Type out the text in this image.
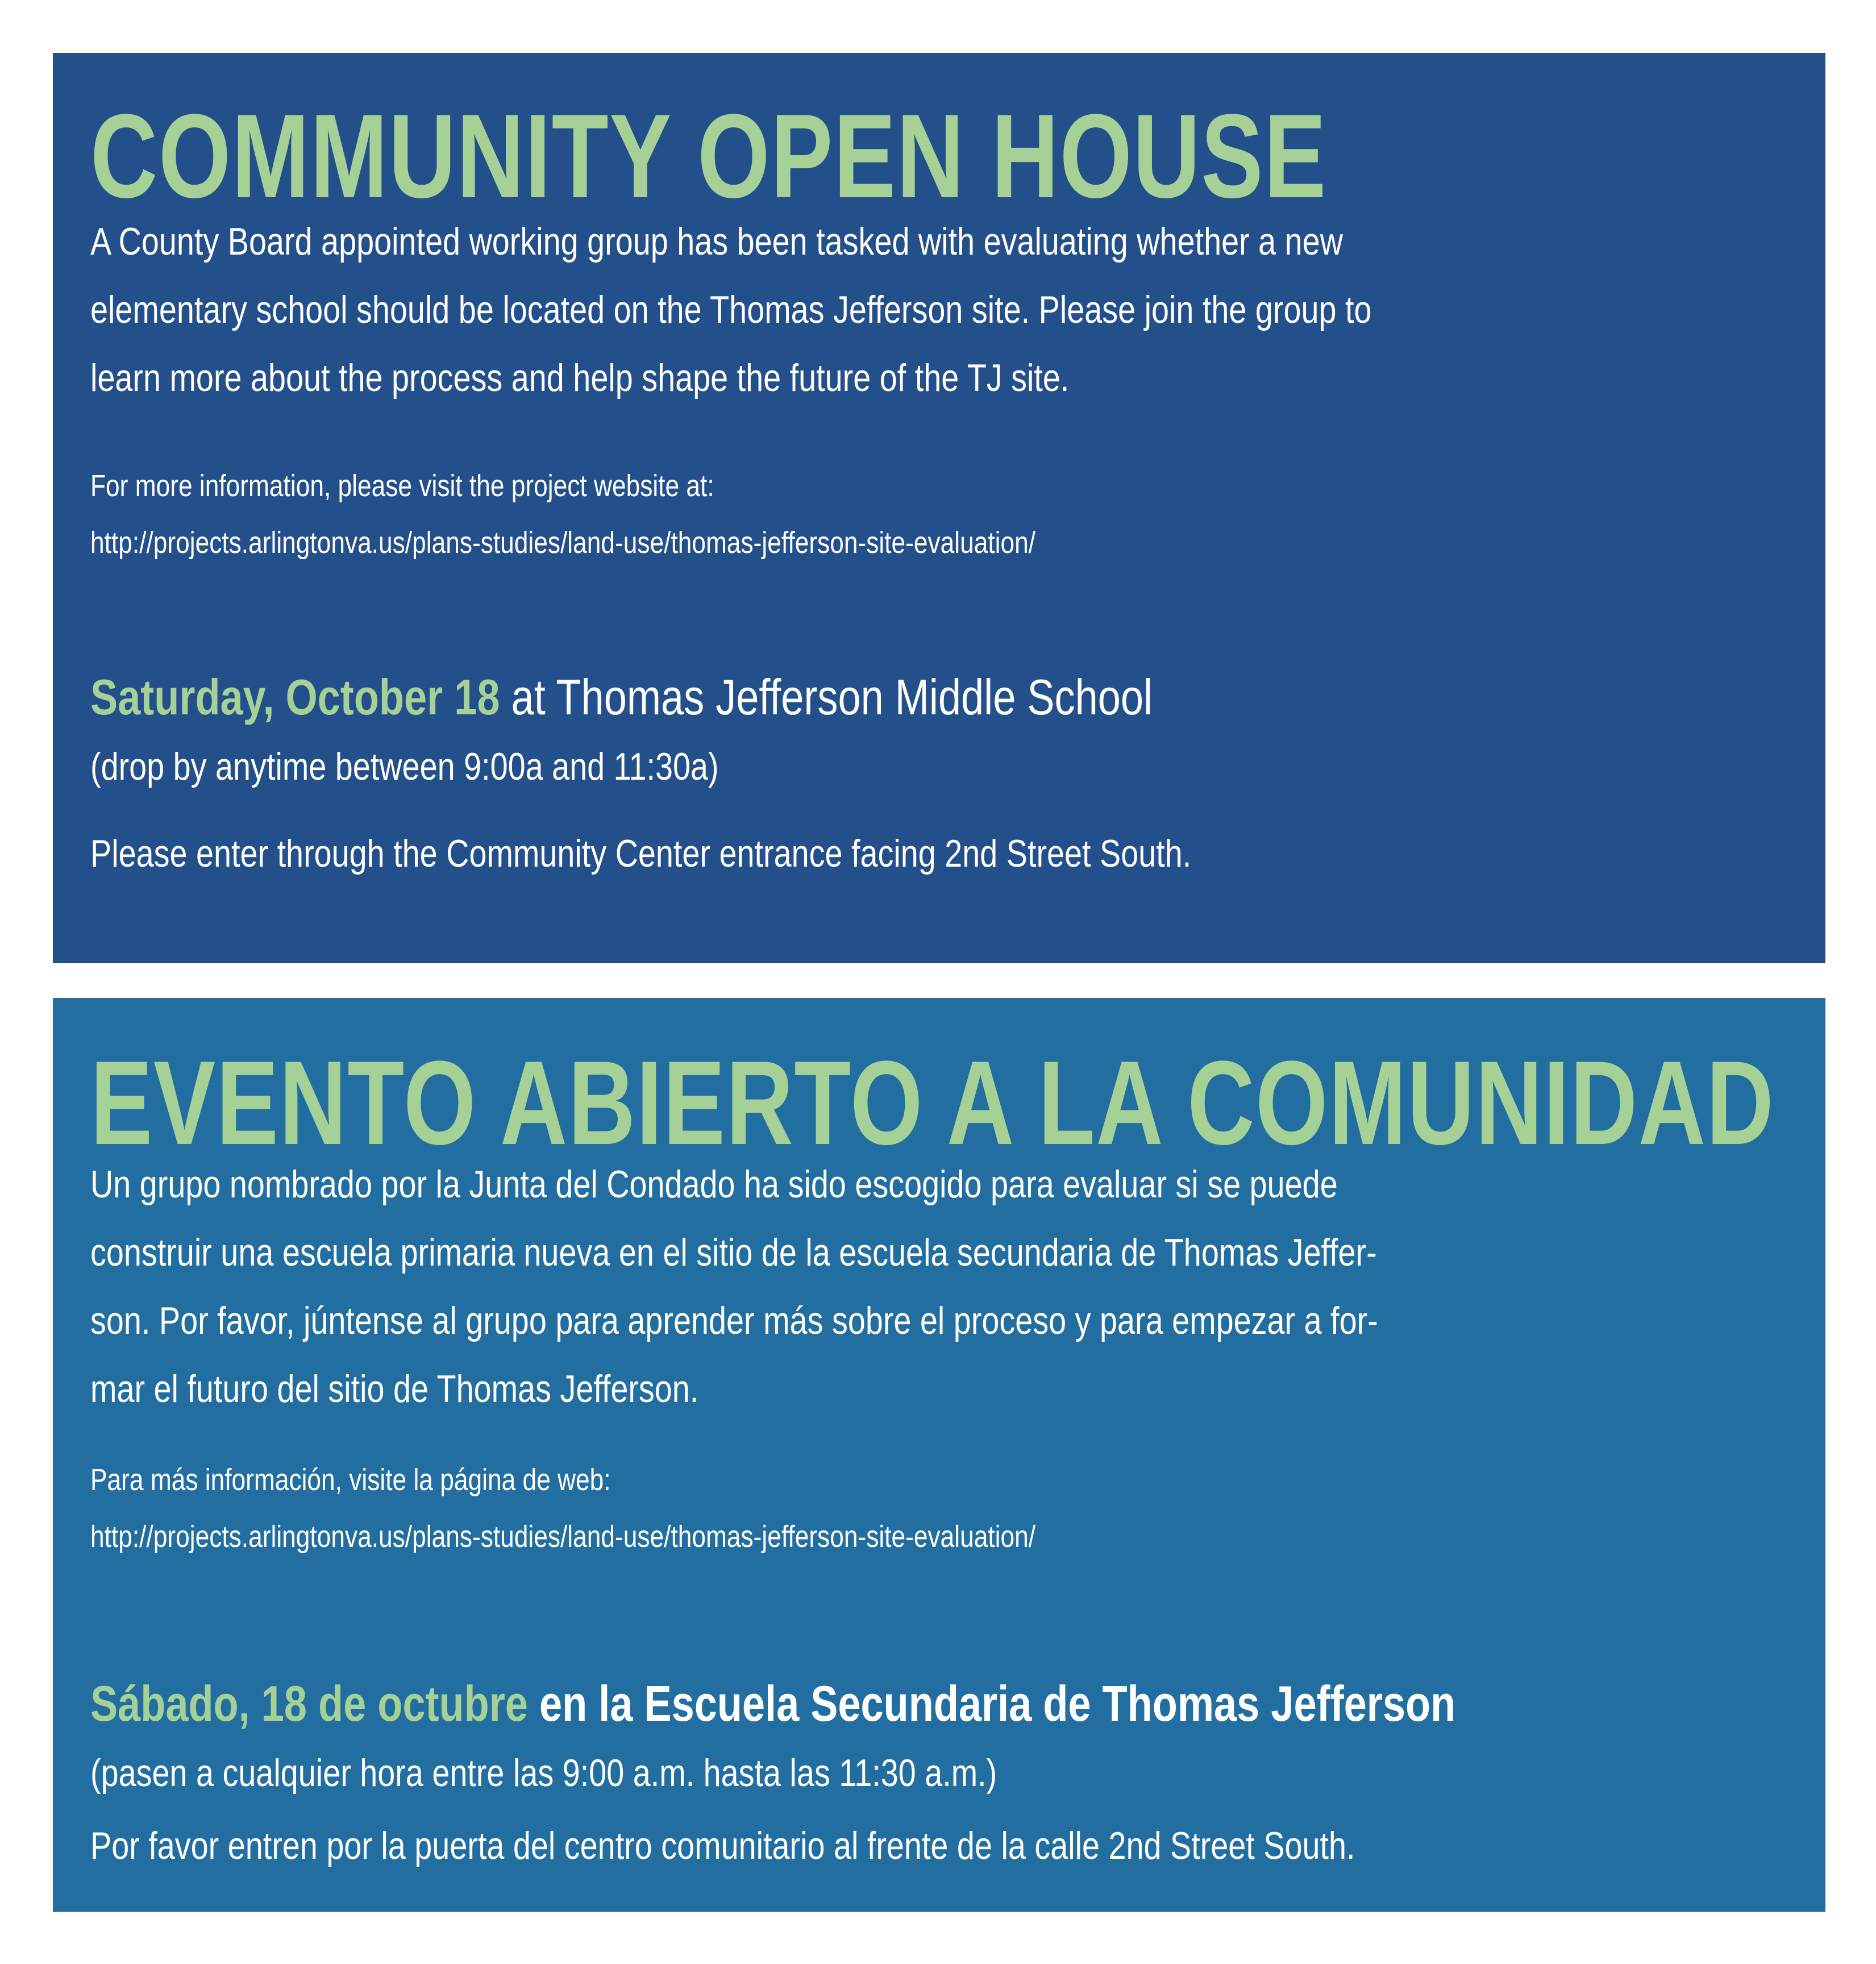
COMMUNITY OPEN HOUSE
A County Board appointed working group has been tasked with evaluating whether a new
elementary school should be located on the Thomas Jefferson site. Please join the group to
learn more about the process and help shape the future of the TJ site.
For more information, please visit the project website at:
http://projects.arlingtonva.us/plans-studies/land-use/thomas-jefferson-site-evaluation/
Saturday, October 18 at Thomas Jefferson Middle School
(drop by anytime between 9:00a and 11:30a)
Please enter through the Community Center entrance facing 2nd Street South.
EVENTO ABIERTO A LA COMUNIDAD
Un grupo nombrado por la Junta del Condado ha sido escogido para evaluar si se puede
construir una escuela primaria nueva en el sitio de la escuela secundaria de Thomas Jeffer-
son. Por favor, júntense al grupo para aprender más sobre el proceso y para empezar a for-
mar el futuro del sitio de Thomas Jefferson.
Para más información, visite la página de web:
http://projects.arlingtonva.us/plans-studies/land-use/thomas-jefferson-site-evaluation/
Sábado, 18 de octubre en la Escuela Secundaria de Thomas Jefferson
(pasen a cualquier hora entre las 9:00 a.m. hasta las 11:30 a.m.)
Por favor entren por la puerta del centro comunitario al frente de la calle 2nd Street South.
